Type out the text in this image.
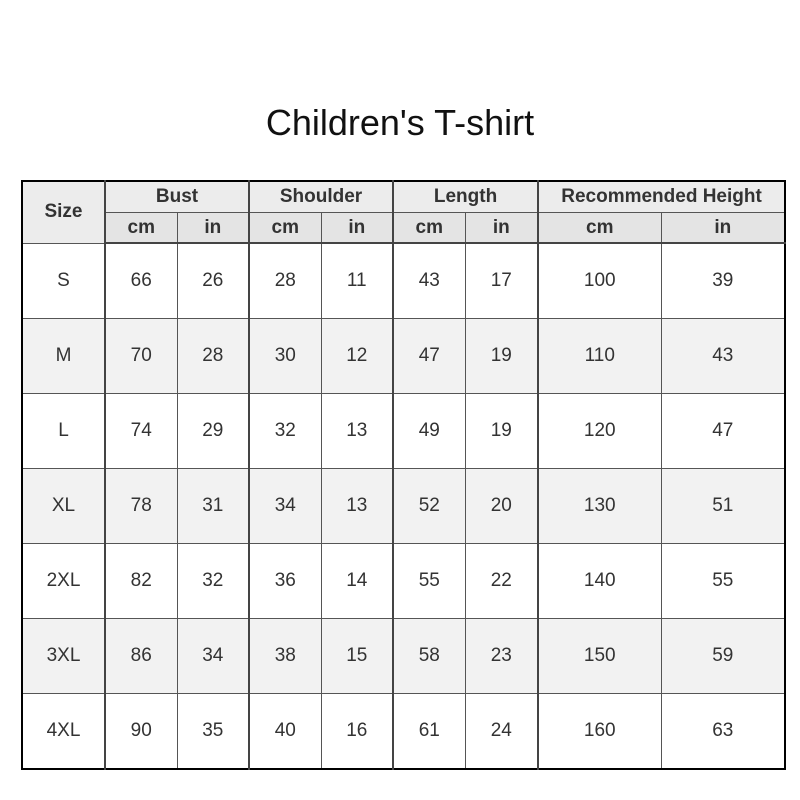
Children's T-shirt
Size	Bust		Shoulder		Length		Recommended Height	
	cm	in	cm	in	cm	in	cm	in
S	66	26	28	11	43	17	100	39
M	70	28	30	12	47	19	110	43
L	74	29	32	13	49	19	120	47
XL	78	31	34	13	52	20	130	51
2XL	82	32	36	14	55	22	140	55
3XL	86	34	38	15	58	23	150	59
4XL	90	35	40	16	61	24	160	63
